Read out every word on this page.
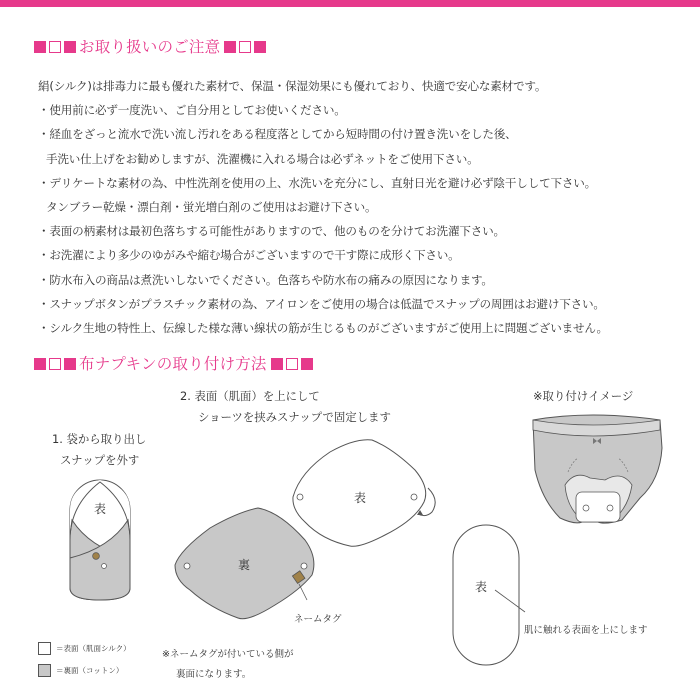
お取り扱いのご注意
絹(シルク)は排毒力に最も優れた素材で、保温・保湿効果にも優れており、快適で安心な素材です。
・使用前に必ず一度洗い、ご自分用としてお使いください。
・経血をざっと流水で洗い流し汚れをある程度落としてから短時間の付け置き洗いをした後、
手洗い仕上げをお勧めしますが、洗濯機に入れる場合は必ずネットをご使用下さい。
・デリケートな素材の為、中性洗剤を使用の上、水洗いを充分にし、直射日光を避け必ず陰干しして下さい。
タンブラー乾燥・漂白剤・蛍光増白剤のご使用はお避け下さい。
・表面の柄素材は最初色落ちする可能性がありますので、他のものを分けてお洗濯下さい。
・お洗濯により多少のゆがみや縮む場合がございますので干す際に成形く下さい。
・防水布入の商品は煮洗いしないでください。色落ちや防水布の痛みの原因になります。
・スナップボタンがプラスチック素材の為、アイロンをご使用の場合は低温でスナップの周囲はお避け下さい。
・シルク生地の特性上、伝線した様な薄い線状の筋が生じるものがございますがご使用上に問題ございません。
布ナプキンの取り付け方法
1. 袋から取り出し
スナップを外す
2. 表面（肌面）を上にして
ショーツを挟みスナップで固定します
※取り付けイメージ
表
裏
表
表
ネームタグ
肌に触れる表面を上にします
＝表面（肌面シルク）
＝裏面（コットン）
※ネームタグが付いている側が
裏面になります。
